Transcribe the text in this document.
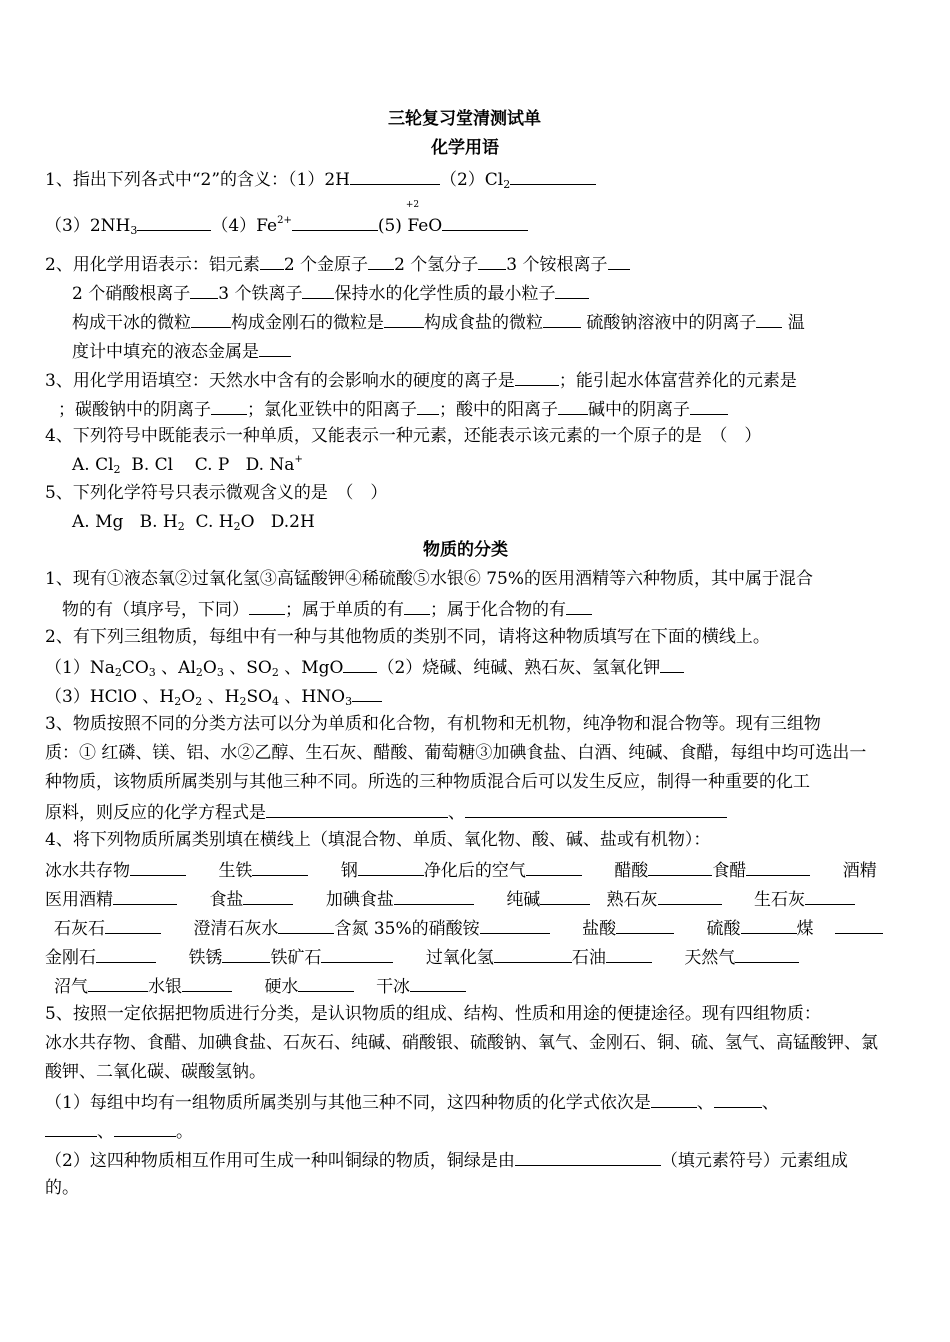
三轮复习堂清测试单
化学用语
1、指出下列各式中“2”的含义：（1）2H	$(2)Cl_2$
$(3)2NH_3$	$(4)Fe^{2+}$
+2
(5) FeO
2、用化学用语表示：铝元素 2 个金原子 2 个氢分子 3 个铵根离子
2 个硝酸根离子 3 个铁离子 保持水的化学性质的最小粒子
构成干冰的微粒 构成金刚石的微粒是 构成食盐的微粒 硫酸钠溶液中的阴离子 温
度计中填充的液态金属是
3、用化学用语填空：天然水中含有的会影响水的硬度的离子是	；能引起水体富营养化的元素是
；碳酸钠中的阴离子 ；氯化亚铁中的阳离子 ；酸中的阳离子 碱中的阴离子
4、下列符号中既能表示一种单质，又能表示一种元素，还能表示该元素的一个原子的是　（　）
A. $Cl_2$ B. Cl C. P D. Na+
5、下列化学符号只表示微观含义的是　（　）
A. Mg B. $H_2$ C. $H_2O$ D.2H
物质的分类
1、现有①液态氧②过氧化氢③高锰酸钾④稀硫酸⑤水银⑥ 75%的医用酒精等六种物质，其中属于混合
物的有（填序号，下同） ；属于单质的有 ；属于化合物的有
2、有下列三组物质，每组中有一种与其他物质的类别不同，请将这种物质填写在下面的横线上。
$(1)Na_2CO_3$ 、$Al_2O_3$ 、$SO_2$ 、MgO （2）烧碱、纯碱、熟石灰、氢氧化钾
（3）HClO 、$H_2O_2$ 、$H_2SO_4$ 、$HNO_3$
3、物质按照不同的分类方法可以分为单质和化合物，有机物和无机物，纯净物和混合物等。现有三组物
质：① 红磷、镁、铝、水②乙醇、生石灰、醋酸、葡萄糖③加碘食盐、白酒、纯碱、食醋，每组中均可选出一
种物质，该物质所属类别与其他三种不同。所选的三种物质混合后可以发生反应，制得一种重要的化工
原料，则反应的化学方程式是	、
4、将下列物质所属类别填在横线上（填混合物、单质、氧化物、酸、碱、盐或有机物）：
冰水共存物	生铁	钢	净化后的空气	醋酸	食醋	酒精
医用酒精	食盐	加碘食盐	纯碱	熟石灰	生石灰
石灰石	澄清石灰水	含氮 35%的硝酸铵	盐酸	硫酸	煤
金刚石	铁锈	铁矿石	过氧化氢	石油	天然气
沼气	水银	硬水	干冰
5、按照一定依据把物质进行分类，是认识物质的组成、结构、性质和用途的便捷途径。现有四组物质：
冰水共存物、食醋、加碘食盐、石灰石、纯碱、硝酸银、硫酸钠、氧气、金刚石、铜、硫、氢气、高锰酸钾、氯
酸钾、二氧化碳、碳酸氢钠。
（1）每组中均有一组物质所属类别与其他三种不同，这四种物质的化学式依次是	、	、
、	。
（2）这四种物质相互作用可生成一种叫铜绿的物质，铜绿是由	（填元素符号）元素组成
的。
